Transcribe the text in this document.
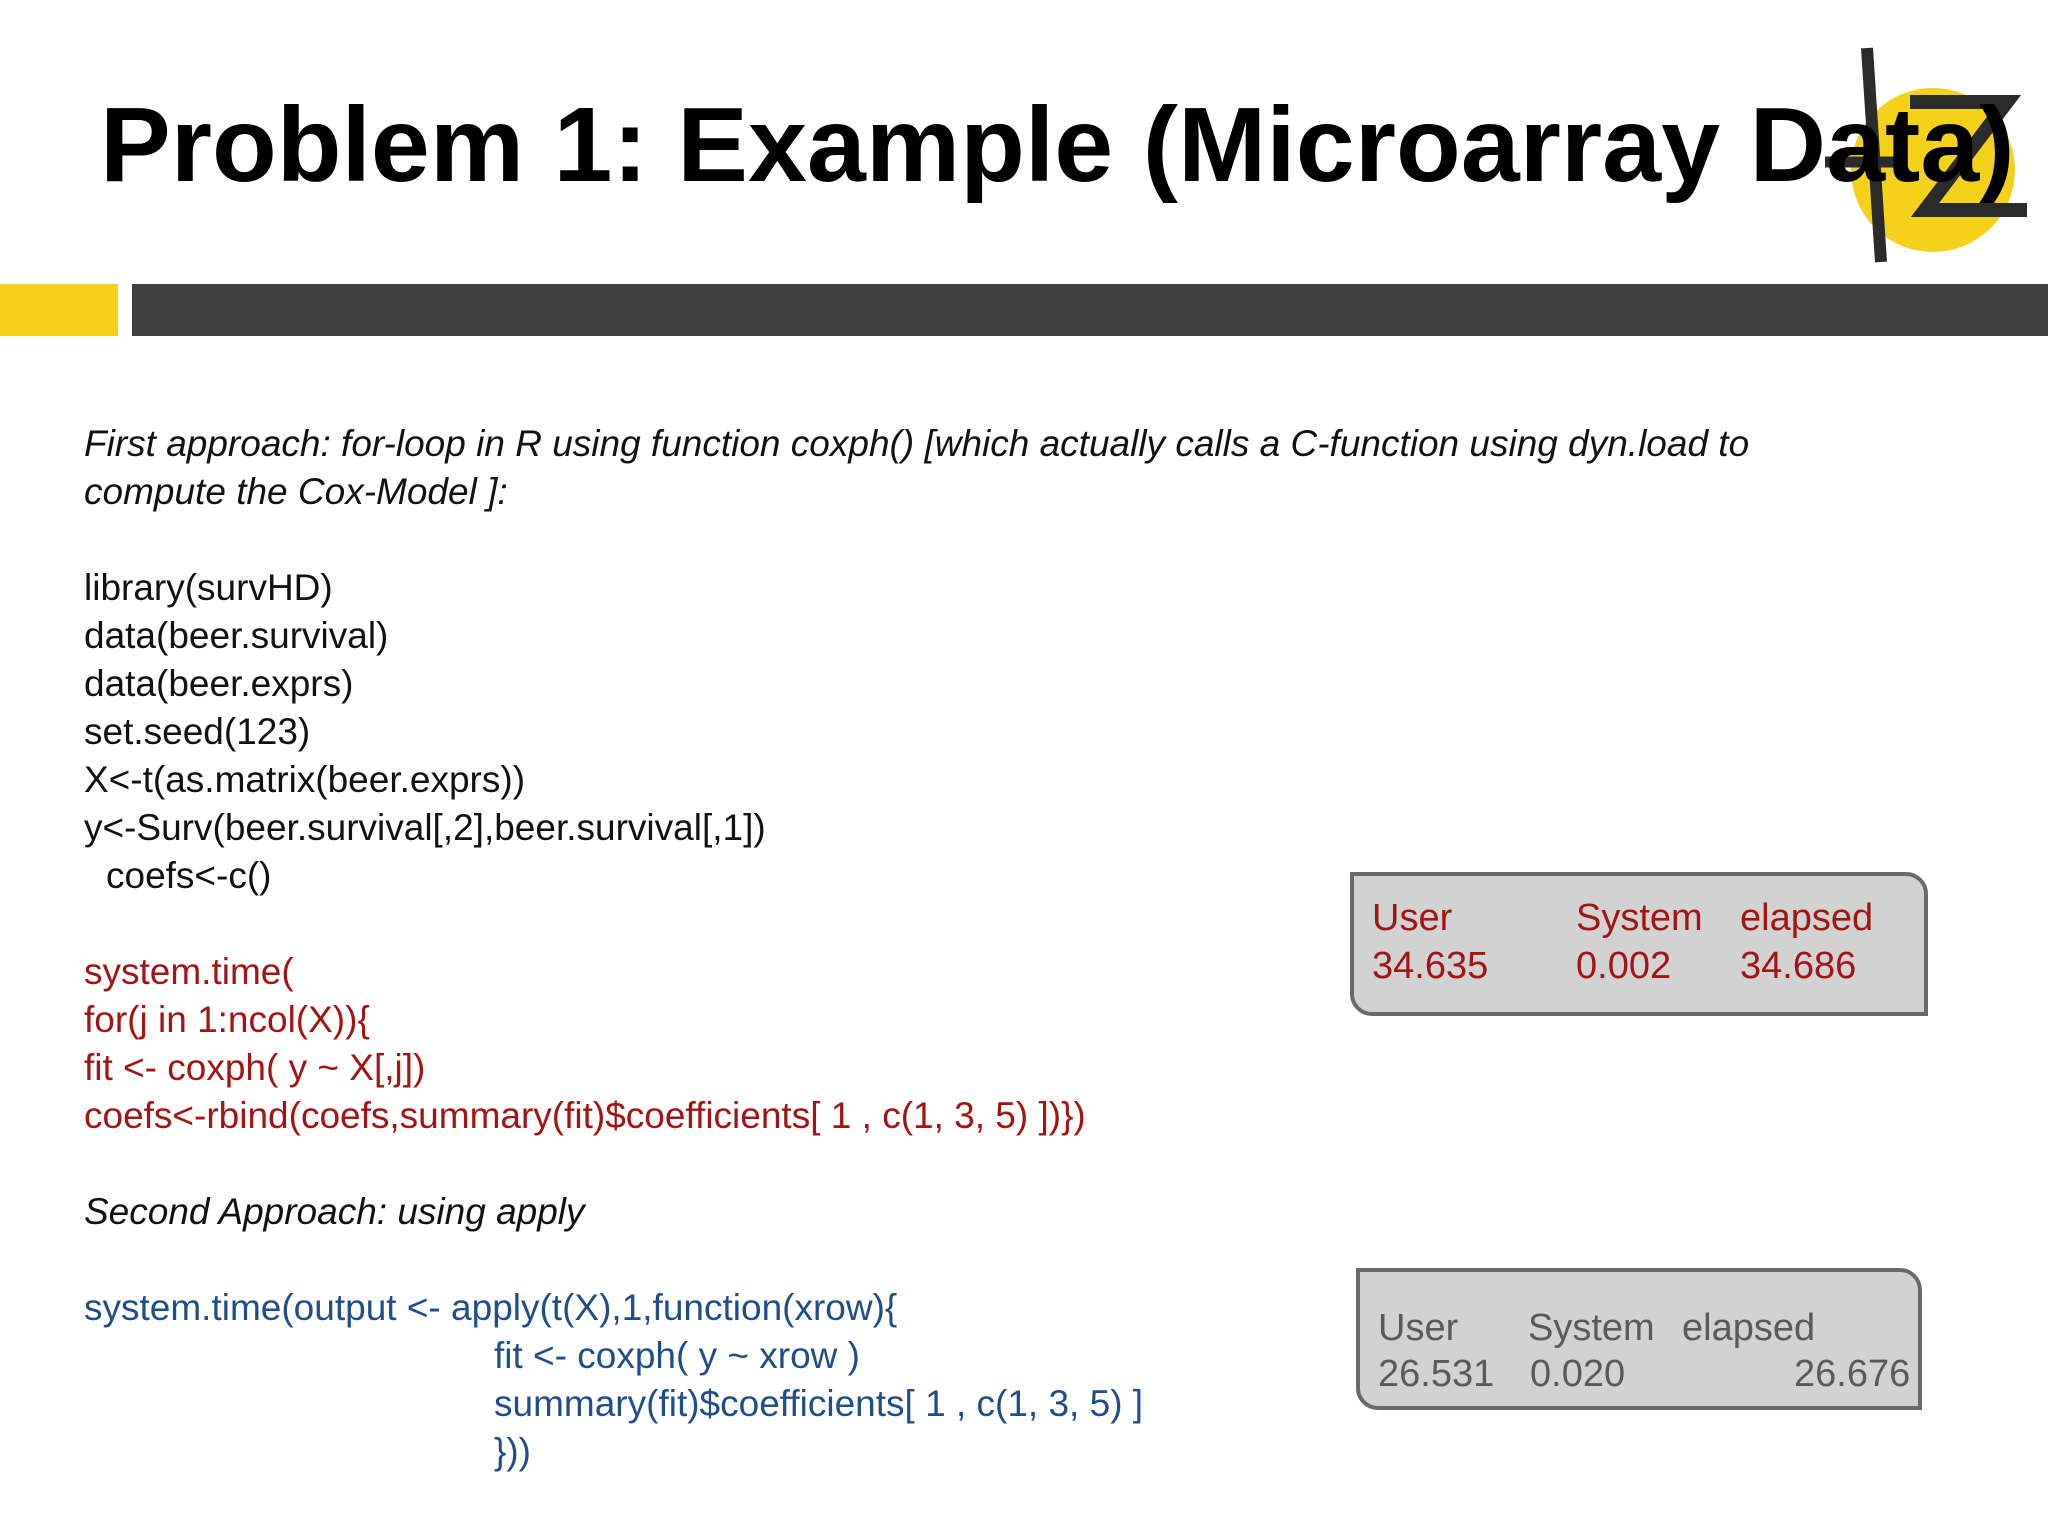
Problem 1: Example (Microarray Data)
First approach: for-loop in R using function coxph() [which actually calls a C-function using dyn.load to
compute the Cox-Model ]:
library(survHD)
data(beer.survival)
data(beer.exprs)
set.seed(123)
X<-t(as.matrix(beer.exprs))
y<-Surv(beer.survival[,2],beer.survival[,1])
coefs<-c()
system.time(
for(j in 1:ncol(X)){
fit <- coxph( y ~ X[,j])
coefs<-rbind(coefs,summary(fit)$coefficients[ 1 , c(1, 3, 5) ])})
Second Approach: using apply
system.time(output <- apply(t(X),1,function(xrow){
fit <- coxph( y ~ xrow )
summary(fit)$coefficients[ 1 , c(1, 3, 5) ]
}))
User	System elapsed
34.635 0.002 34.686
User System elapsed
26.531 0.020	26.676
